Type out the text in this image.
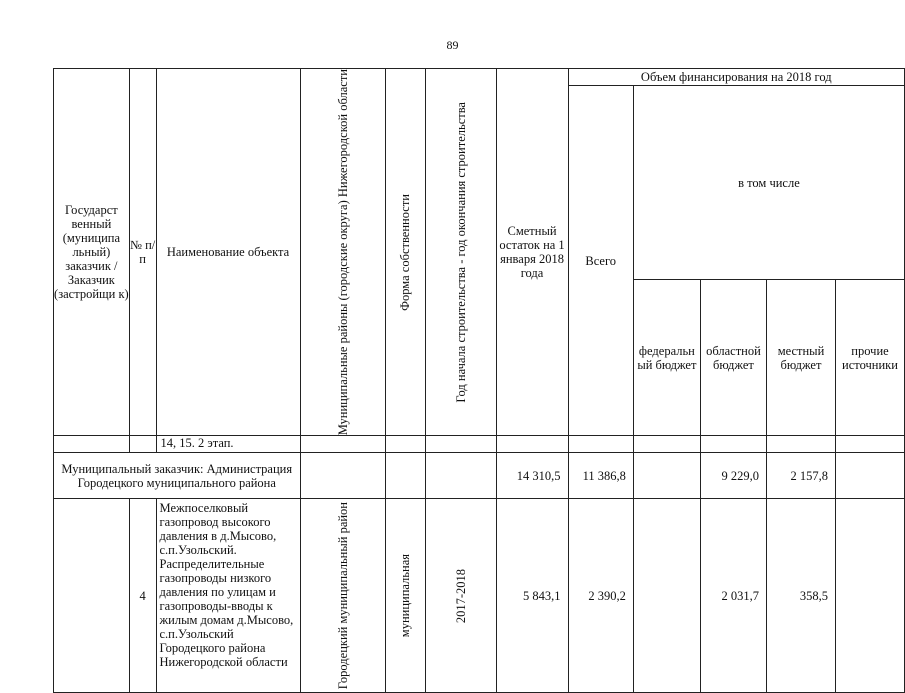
89
Государст венный (муниципа льный) заказчик / Заказчик (застройщи к)	№ п/п	Наименование объекта	Муниципальные районы (городские округа) Нижегородской области	Форма собственности	Год начала строительства - год окончания строительства	Сметный остаток на 1 января 2018 года	Объем финансирования на 2018 год				
							Всего	в том числе			
								федеральн ый бюджет	областной бюджет	местный бюджет	прочие источники
		14, 15. 2 этап.									
Муниципальный заказчик: Администрация Городецкого муниципального района						14 310,5	11 386,8		9 229,0	2 157,8	
	4	Межпоселковый газопровод высокого давления в д.Мысово, с.п.Узольский. Распределительные газопроводы низкого давления по улицам и газопроводы-вводы к жилым домам д.Мысово, с.п.Узольский Городецкого района Нижегородской области	Городецкий муниципальный район	муниципальная	2017-2018	5 843,1	2 390,2		2 031,7	358,5	
